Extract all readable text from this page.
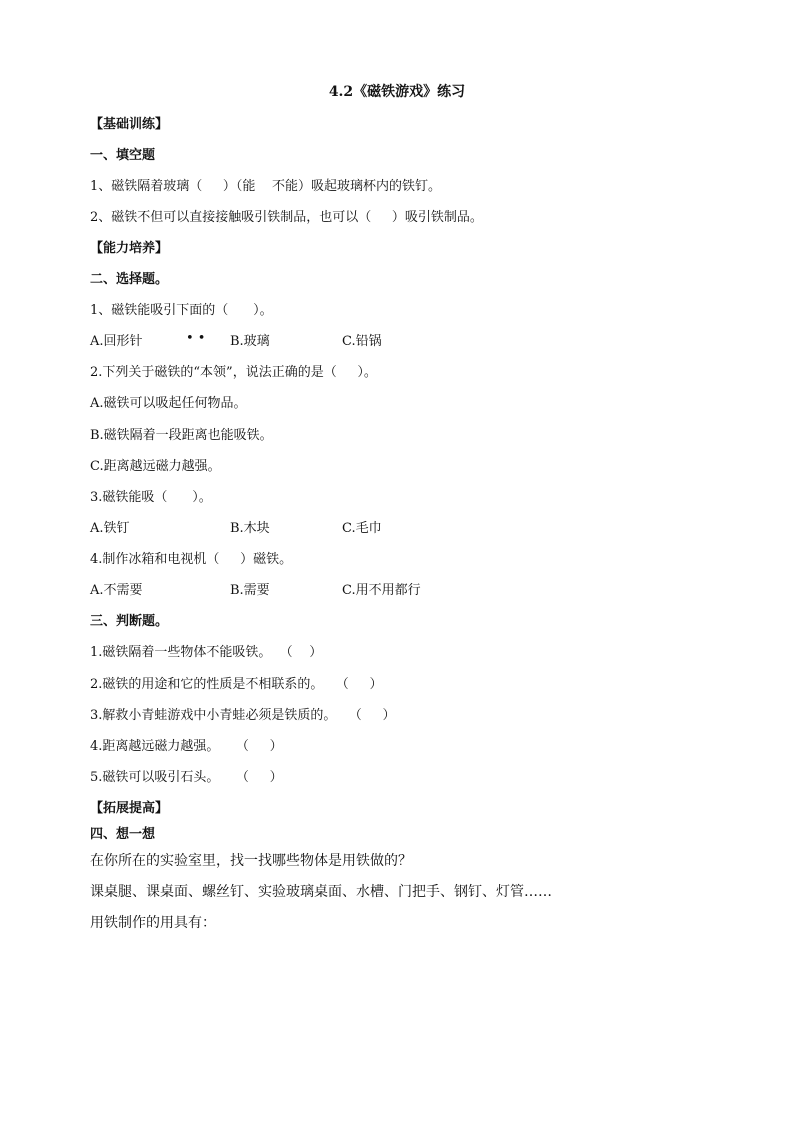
4.2《磁铁游戏》练习
【基础训练】
一、填空题
1、磁铁隔着玻璃（     ）（能    不能）吸起玻璃杯内的铁钉。
2、磁铁不但可以直接接触吸引铁制品，也可以（     ）吸引铁制品。
【能力培养】
二、选择题。
1、磁铁能吸引下面的（      ）。
A.回形针	• • B.玻璃	C.铅锅
2.下列关于磁铁的“本领”，说法正确的是（     ）。
A.磁铁可以吸起任何物品。
B.磁铁隔着一段距离也能吸铁。
C.距离越远磁力越强。
3.磁铁能吸（      ）。
A.铁钉	B.木块	C.毛巾
4.制作冰箱和电视机（     ）磁铁。
A.不需要	B.需要	C.用不用都行
三、判断题。
1.磁铁隔着一些物体不能吸铁。  （    ）
2.磁铁的用途和它的性质是不相联系的。   （     ）
3.解救小青蛙游戏中小青蛙必须是铁质的。   （     ）
4.距离越远磁力越强。    （     ）
5.磁铁可以吸引石头。    （     ）
【拓展提高】
四、想一想
在你所在的实验室里，找一找哪些物体是用铁做的？
课桌腿、课桌面、螺丝钉、实验玻璃桌面、水槽、门把手、钢钉、灯管……
用铁制作的用具有：
